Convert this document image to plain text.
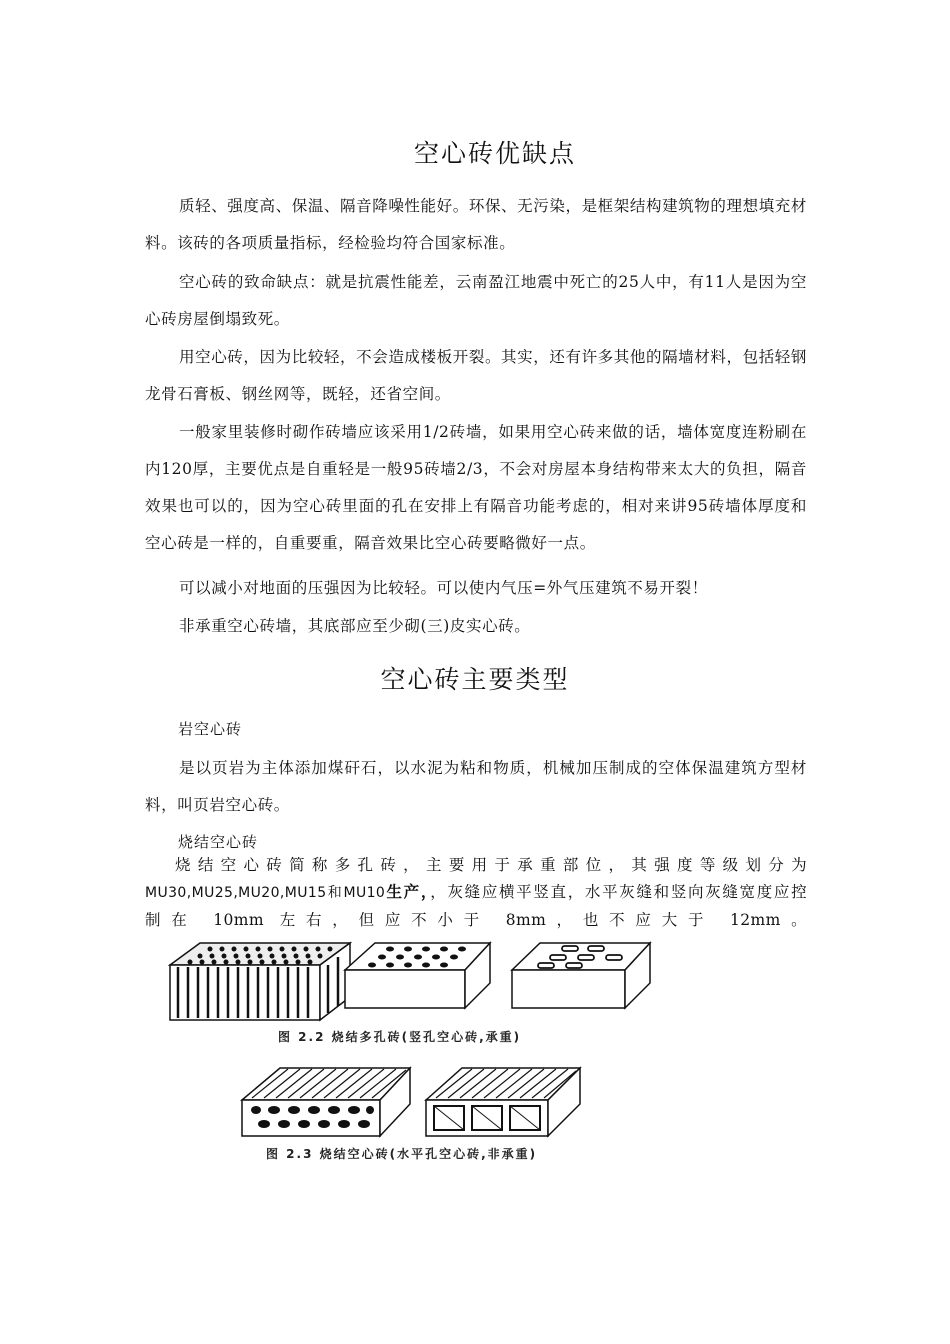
空心砖优缺点
质轻、强度高、保温、隔音降噪性能好。环保、无污染，是框架结构建筑物的理想填充材料。该砖的各项质量指标，经检验均符合国家标准。
空心砖的致命缺点：就是抗震性能差，云南盈江地震中死亡的25人中，有11人是因为空心砖房屋倒塌致死。
用空心砖，因为比较轻，不会造成楼板开裂。其实，还有许多其他的隔墙材料，包括轻钢龙骨石膏板、钢丝网等，既轻，还省空间。
一般家里装修时砌作砖墙应该采用1/2砖墙，如果用空心砖来做的话，墙体宽度连粉刷在内120厚，主要优点是自重轻是一般95砖墙2/3，不会对房屋本身结构带来太大的负担，隔音效果也可以的，因为空心砖里面的孔在安排上有隔音功能考虑的，相对来讲95砖墙体厚度和空心砖是一样的，自重要重，隔音效果比空心砖要略微好一点。
可以减小对地面的压强因为比较轻。可以使内气压=外气压建筑不易开裂！
非承重空心砖墙，其底部应至少砌(三)皮实心砖。
空心砖主要类型
岩空心砖
是以页岩为主体添加煤矸石，以水泥为粘和物质，机械加压制成的空体保温建筑方型材料，叫页岩空心砖。
烧结空心砖
烧结空心砖简称多孔砖，主要用于承重部位，其强度等级划分为
MU30,MU25,MU20,MU15和MU10生产，，灰缝应横平竖直，水平灰缝和竖向灰缝宽度应控
制在 10mm 左右，但应不小于 8mm，也不应大于 12mm。
图 2.2 烧结多孔砖(竖孔空心砖,承重)
图 2.3 烧结空心砖(水平孔空心砖,非承重)
